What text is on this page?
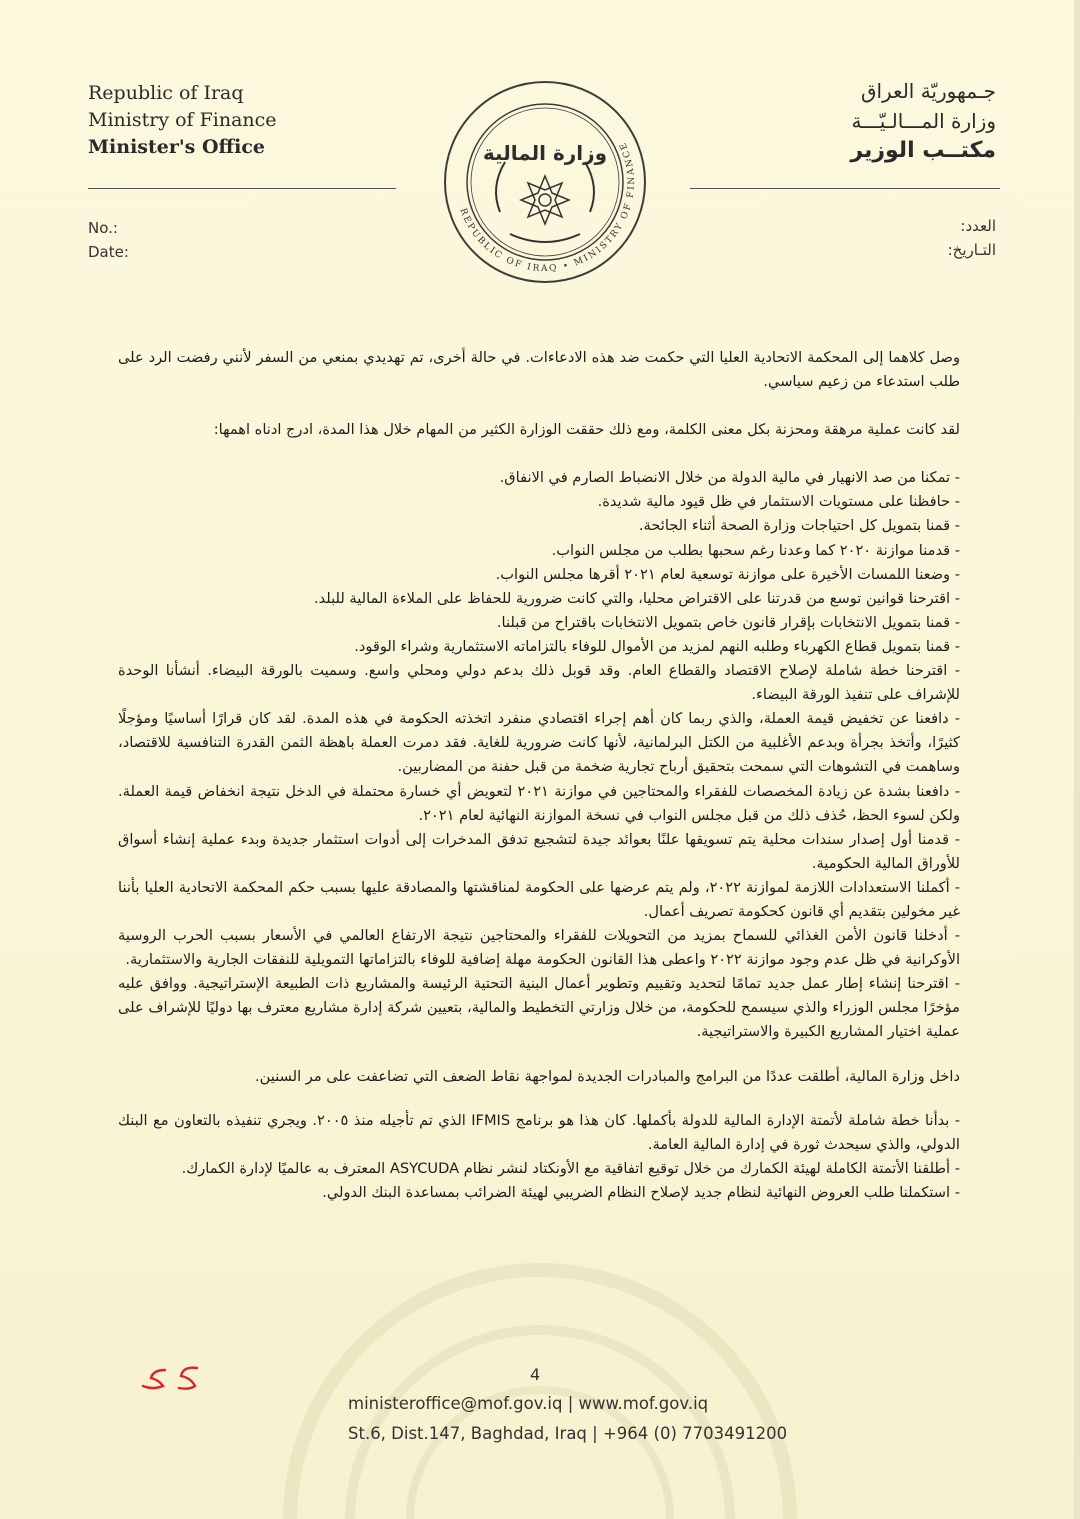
Republic of Iraq
Ministry of Finance
Minister's Office
جـمهوريّة العراق
وزارة المـــالـيّـــة
مكتــب الوزير
No.:
Date:
العدد:
التـاريخ:
REPUBLIC OF IRAQ • MINISTRY OF FINANCE
وزارة المالية

وصل كلاهما إلى المحكمة الاتحادية العليا التي حكمت ضد هذه الادعاءات. في حالة أخرى، تم تهديدي بمنعي من السفر لأنني رفضت الرد على طلب استدعاء من زعيم سياسي.

لقد كانت عملية مرهقة ومحزنة بكل معنى الكلمة، ومع ذلك حققت الوزارة الكثير من المهام خلال هذا المدة، ادرج ادناه اهمها:

- تمكنا من صد الانهيار في مالية الدولة من خلال الانضباط الصارم في الانفاق.

- حافظنا على مستويات الاستثمار في ظل قيود مالية شديدة.

- قمنا بتمويل كل احتياجات وزارة الصحة أثناء الجائحة.

- قدمنا موازنة ٢٠٢٠ كما وعدنا رغم سحبها بطلب من مجلس النواب.

- وضعنا اللمسات الأخيرة على موازنة توسعية لعام ٢٠٢١ أقرها مجلس النواب.

- اقترحنا قوانين توسع من قدرتنا على الاقتراض محليا، والتي كانت ضرورية للحفاظ على الملاءة المالية للبلد.

- قمنا بتمويل الانتخابات بإقرار قانون خاص بتمويل الانتخابات باقتراح من قبلنا.

- قمنا بتمويل قطاع الكهرباء وطلبه النهم لمزيد من الأموال للوفاء بالتزاماته الاستثمارية وشراء الوقود.

- اقترحنا خطة شاملة لإصلاح الاقتصاد والقطاع العام. وقد قوبل ذلك بدعم دولي ومحلي واسع. وسميت بالورقة البيضاء. أنشأنا الوحدة للإشراف على تنفيذ الورقة البيضاء.

- دافعنا عن تخفيض قيمة العملة، والذي ربما كان أهم إجراء اقتصادي منفرد اتخذته الحكومة في هذه المدة. لقد كان قرارًا أساسيًا ومؤجلًا كثيرًا، وأتخذ بجرأة وبدعم الأغلبية من الكتل البرلمانية، لأنها كانت ضرورية للغاية. فقد دمرت العملة باهظة الثمن القدرة التنافسية للاقتصاد، وساهمت في التشوهات التي سمحت بتحقيق أرباح تجارية ضخمة من قبل حفنة من المضاربين.

- دافعنا بشدة عن زيادة المخصصات للفقراء والمحتاجين في موازنة ٢٠٢١ لتعويض أي خسارة محتملة في الدخل نتيجة انخفاض قيمة العملة. ولكن لسوء الحظ، حُذف ذلك من قبل مجلس النواب في نسخة الموازنة النهائية لعام ٢٠٢١.

- قدمنا أول إصدار سندات محلية يتم تسويقها علنًا بعوائد جيدة لتشجيع تدفق المدخرات إلى أدوات استثمار جديدة وبدء عملية إنشاء أسواق للأوراق المالية الحكومية.

- أكملنا الاستعدادات اللازمة لموازنة ٢٠٢٢، ولم يتم عرضها على الحكومة لمناقشتها والمصادقة عليها بسبب حكم المحكمة الاتحادية العليا بأننا غير مخولين بتقديم أي قانون كحكومة تصريف أعمال.

- أدخلنا قانون الأمن الغذائي للسماح بمزيد من التحويلات للفقراء والمحتاجين نتيجة الارتفاع العالمي في الأسعار بسبب الحرب الروسية الأوكرانية في ظل عدم وجود موازنة ٢٠٢٢ واعطى هذا القانون الحكومة مهلة إضافية للوفاء بالتزاماتها التمويلية للنفقات الجارية والاستثمارية.

- اقترحنا إنشاء إطار عمل جديد تمامًا لتحديد وتقييم وتطوير أعمال البنية التحتية الرئيسة والمشاريع ذات الطبيعة الإستراتيجية. ووافق عليه مؤخرًا مجلس الوزراء والذي سيسمح للحكومة، من خلال وزارتي التخطيط والمالية، بتعيين شركة إدارة مشاريع معترف بها دوليًا للإشراف على عملية اختيار المشاريع الكبيرة والاستراتيجية.

داخل وزارة المالية، أطلقت عددًا من البرامج والمبادرات الجديدة لمواجهة نقاط الضعف التي تضاعفت على مر السنين.

- بدأنا خطة شاملة لأتمتة الإدارة المالية للدولة بأكملها. كان هذا هو برنامج IFMIS الذي تم تأجيله منذ ٢٠٠٥. ويجري تنفيذه بالتعاون مع البنك الدولي، والذي سيحدث ثورة في إدارة المالية العامة.

- أطلقنا الأتمتة الكاملة لهيئة الكمارك من خلال توقيع اتفاقية مع الأونكتاد لنشر نظام ASYCUDA المعترف به عالميًا لإدارة الكمارك.

- استكملنا طلب العروض النهائية لنظام جديد لإصلاح النظام الضريبي لهيئة الضرائب بمساعدة البنك الدولي.

4
ministeroffice@mof.gov.iq | www.mof.gov.iq
St.6, Dist.147, Baghdad, Iraq | +964 (0) 7703491200
